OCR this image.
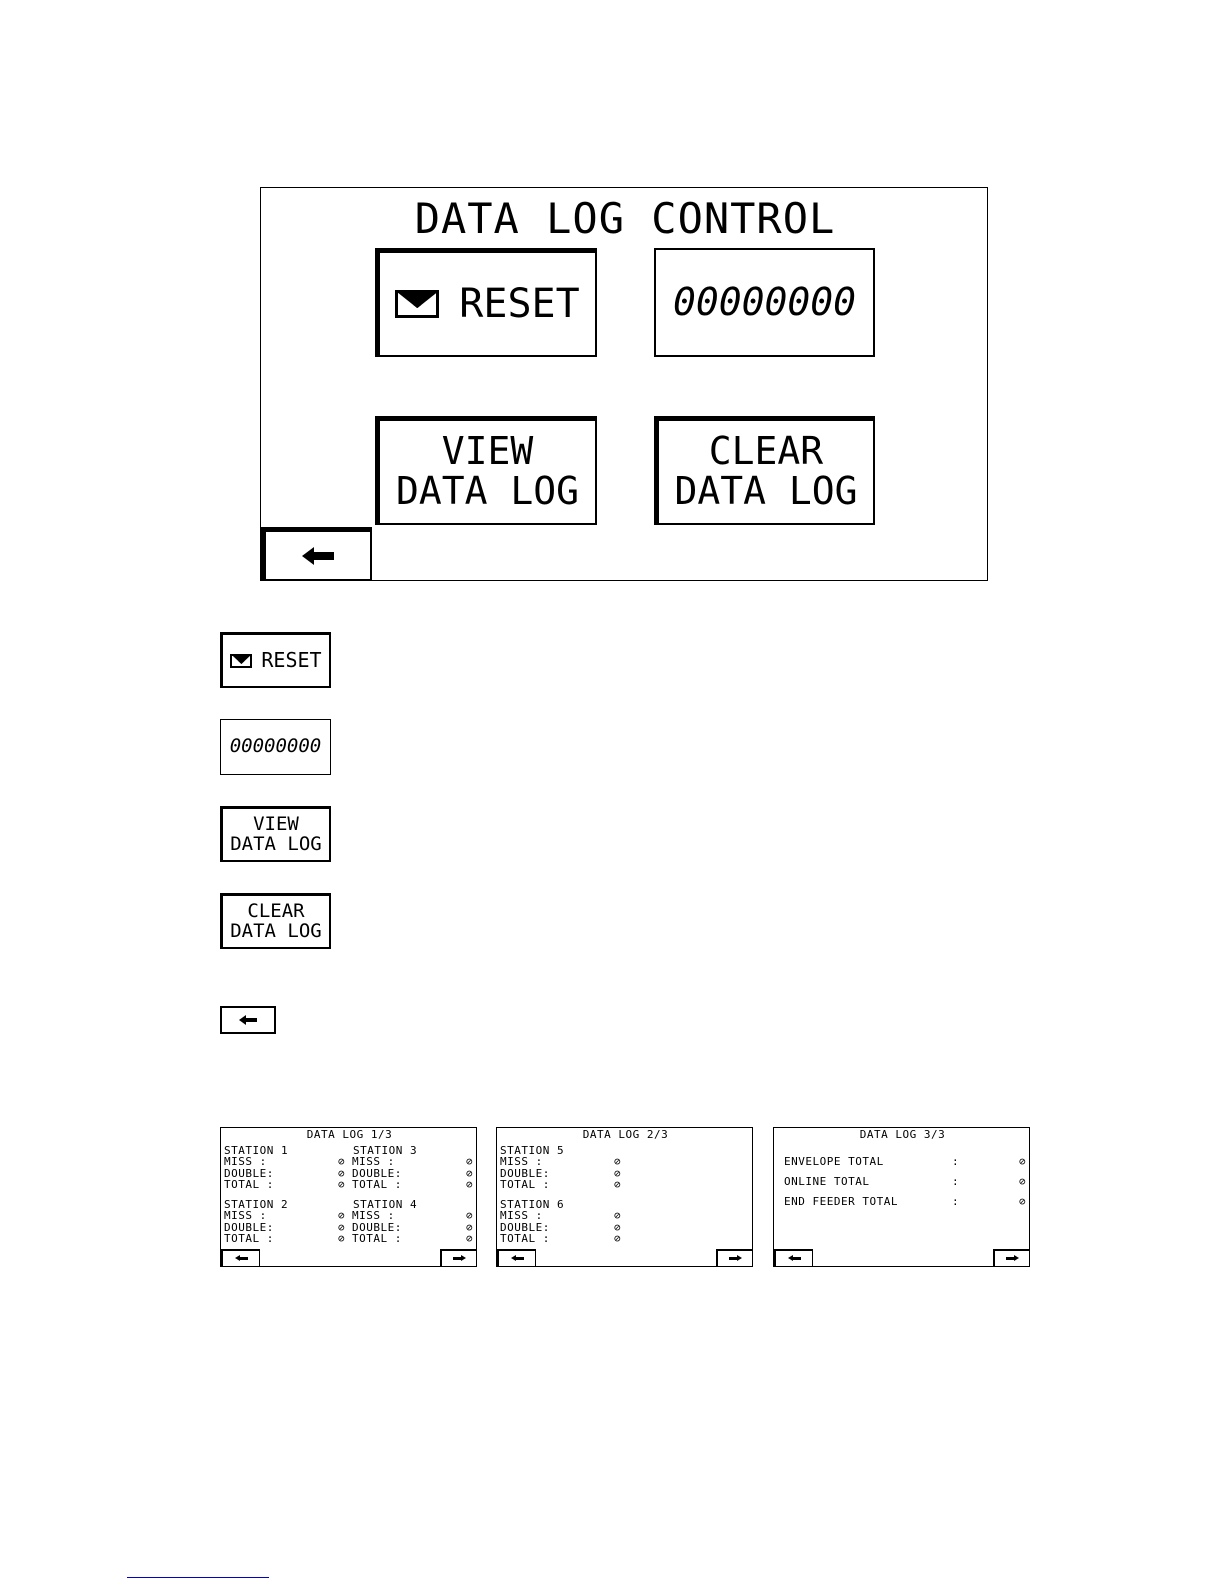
DATA LOG CONTROL
RESET 00000000
VIEW
DATA LOG
CLEAR
DATA LOG
RESET
00000000
VIEW
DATA LOG
CLEAR
DATA LOG
DATA LOG 1/3
STATION 1	STATION 3
MISS :	⊘ MISS :	⊘
DOUBLE:	⊘ DOUBLE:	⊘
TOTAL :	⊘ TOTAL :	⊘
STATION 2	STATION 4
MISS :	⊘ MISS :	⊘
DOUBLE:	⊘ DOUBLE:	⊘
TOTAL :	⊘ TOTAL :	⊘
DATA LOG 2/3
STATION 5
MISS :	⊘
DOUBLE:	⊘
TOTAL :	⊘
STATION 6
MISS :	⊘
DOUBLE:	⊘
TOTAL :	⊘
DATA LOG 3/3
ENVELOPE TOTAL	:	⊘
ONLINE TOTAL	:	⊘
END FEEDER TOTAL	:	⊘
